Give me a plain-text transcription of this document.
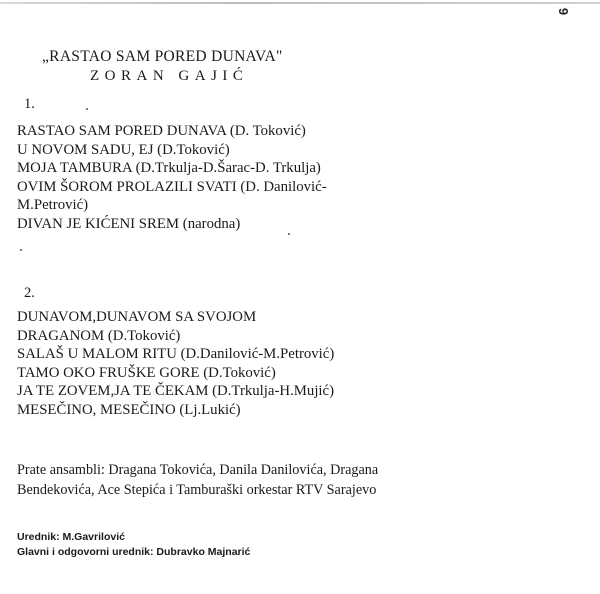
6
„RASTAO SAM PORED DUNAVA"
ZORAN GAJIĆ
1.
RASTAO SAM PORED DUNAVA (D. Toković)
U NOVOM SADU, EJ (D.Toković)
MOJA TAMBURA (D.Trkulja-D.Šarac-D. Trkulja)
OVIM ŠOROM PROLAZILI SVATI (D. Danilović-M.Petrović)
DIVAN JE KIĆENI SREM (narodna)
2.
DUNAVOM,DUNAVOM SA SVOJOM DRAGANOM (D.Toković)
SALAŠ U MALOM RITU (D.Danilović-M.Petrović)
TAMO OKO FRUŠKE GORE (D.Toković)
JA TE ZOVEM,JA TE ČEKAM (D.Trkulja-H.Mujić)
MESEČINO, MESEČINO (Lj.Lukić)
Prate ansambli: Dragana Tokovića, Danila Danilovića, Dragana Bendekovića, Ace Stepića i Tamburaški orkestar RTV Sarajevo
Urednik: M.Gavrilović
Glavni i odgovorni urednik: Dubravko Majnarić
